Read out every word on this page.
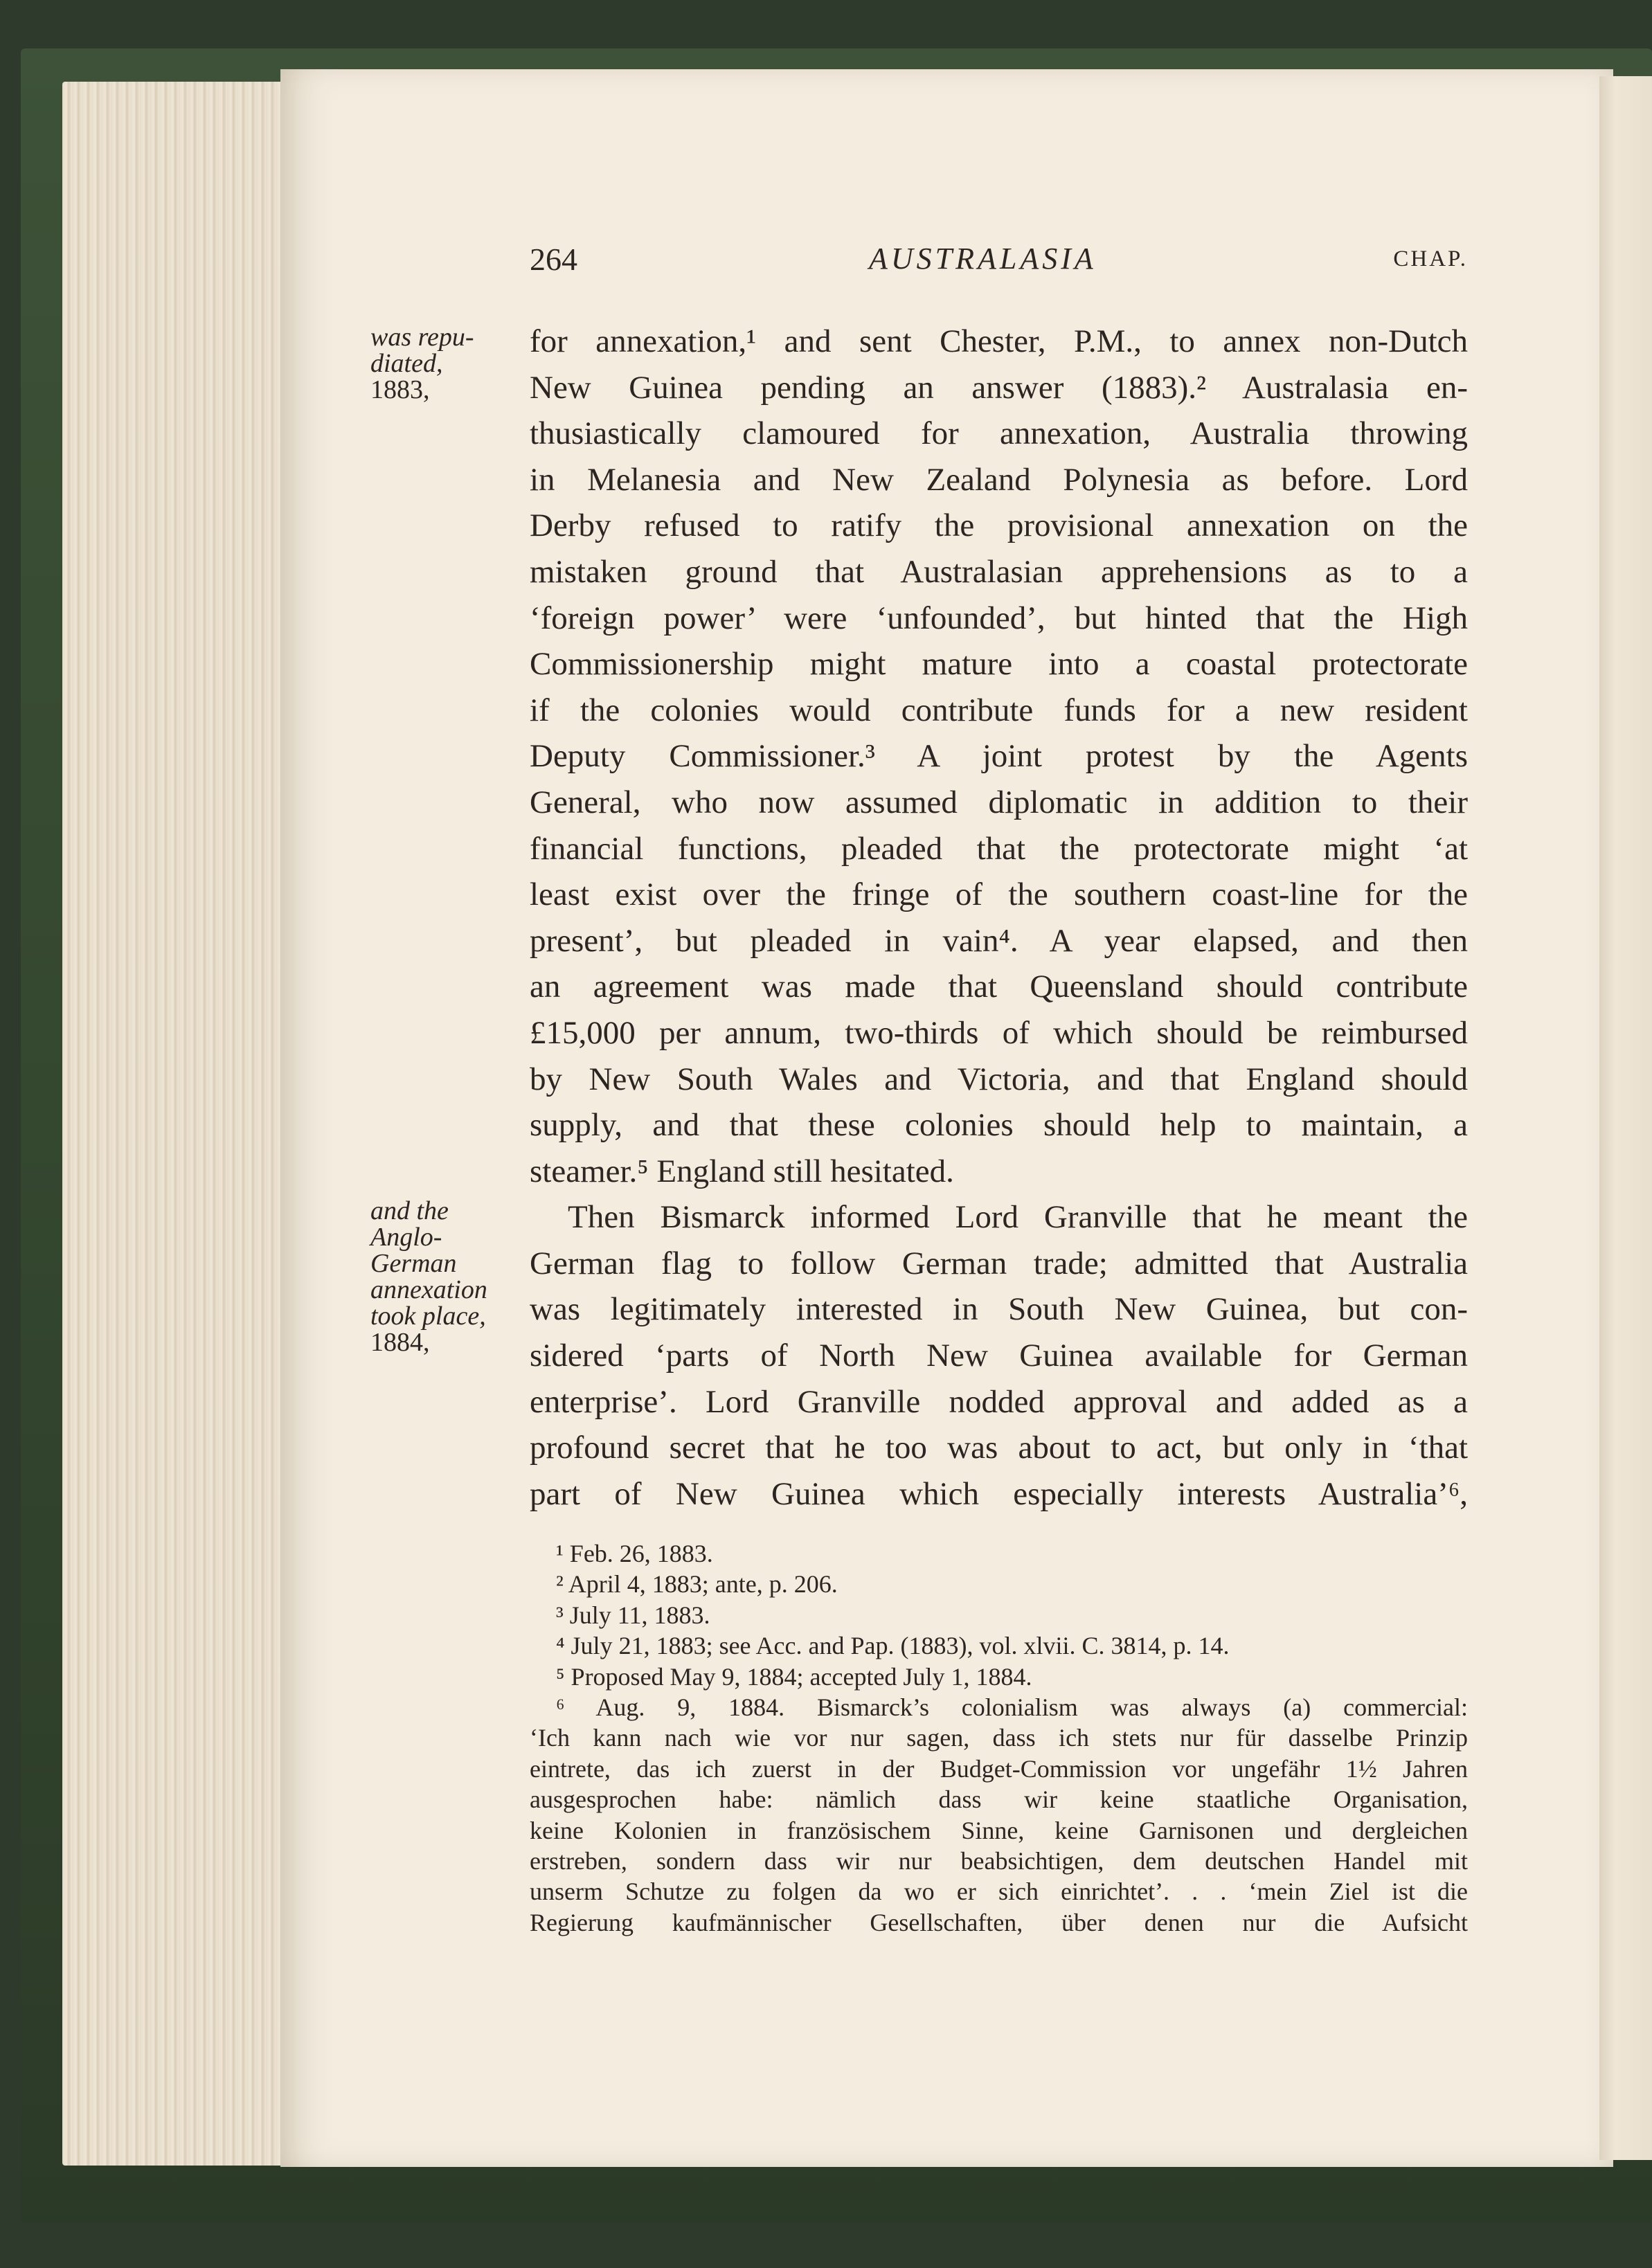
264	AUSTRALASIA	CHAP.
was repu-
diated,
1883,
and the
Anglo-
German
annexation
took place,
1884,
for annexation,¹ and sent Chester, P.M., to annex non-Dutch
New Guinea pending an answer (1883).² Australasia en-
thusiastically clamoured for annexation, Australia throwing
in Melanesia and New Zealand Polynesia as before. Lord
Derby refused to ratify the provisional annexation on the
mistaken ground that Australasian apprehensions as to a
‘foreign power’ were ‘unfounded’, but hinted that the High
Commissionership might mature into a coastal protectorate
if the colonies would contribute funds for a new resident
Deputy Commissioner.³ A joint protest by the Agents
General, who now assumed diplomatic in addition to their
financial functions, pleaded that the protectorate might ‘at
least exist over the fringe of the southern coast-line for the
present’, but pleaded in vain⁴. A year elapsed, and then
an agreement was made that Queensland should contribute
£15,000 per annum, two-thirds of which should be reimbursed
by New South Wales and Victoria, and that England should
supply, and that these colonies should help to maintain, a
steamer.⁵ England still hesitated.
Then Bismarck informed Lord Granville that he meant the
German flag to follow German trade; admitted that Australia
was legitimately interested in South New Guinea, but con-
sidered ‘parts of North New Guinea available for German
enterprise’. Lord Granville nodded approval and added as a
profound secret that he too was about to act, but only in ‘that
part of New Guinea which especially interests Australia’⁶,
¹ Feb. 26, 1883.
² April 4, 1883; ante, p. 206.
³ July 11, 1883.
⁴ July 21, 1883; see Acc. and Pap. (1883), vol. xlvii. C. 3814, p. 14.
⁵ Proposed May 9, 1884; accepted July 1, 1884.
⁶ Aug. 9, 1884. Bismarck’s colonialism was always (a) commercial:
‘Ich kann nach wie vor nur sagen, dass ich stets nur für dasselbe Prinzip
eintrete, das ich zuerst in der Budget-Commission vor ungefähr 1½ Jahren
ausgesprochen habe: nämlich dass wir keine staatliche Organisation,
keine Kolonien in französischem Sinne, keine Garnisonen und dergleichen
erstreben, sondern dass wir nur beabsichtigen, dem deutschen Handel mit
unserm Schutze zu folgen da wo er sich einrichtet’. . . ‘mein Ziel ist die
Regierung kaufmännischer Gesellschaften, über denen nur die Aufsicht
